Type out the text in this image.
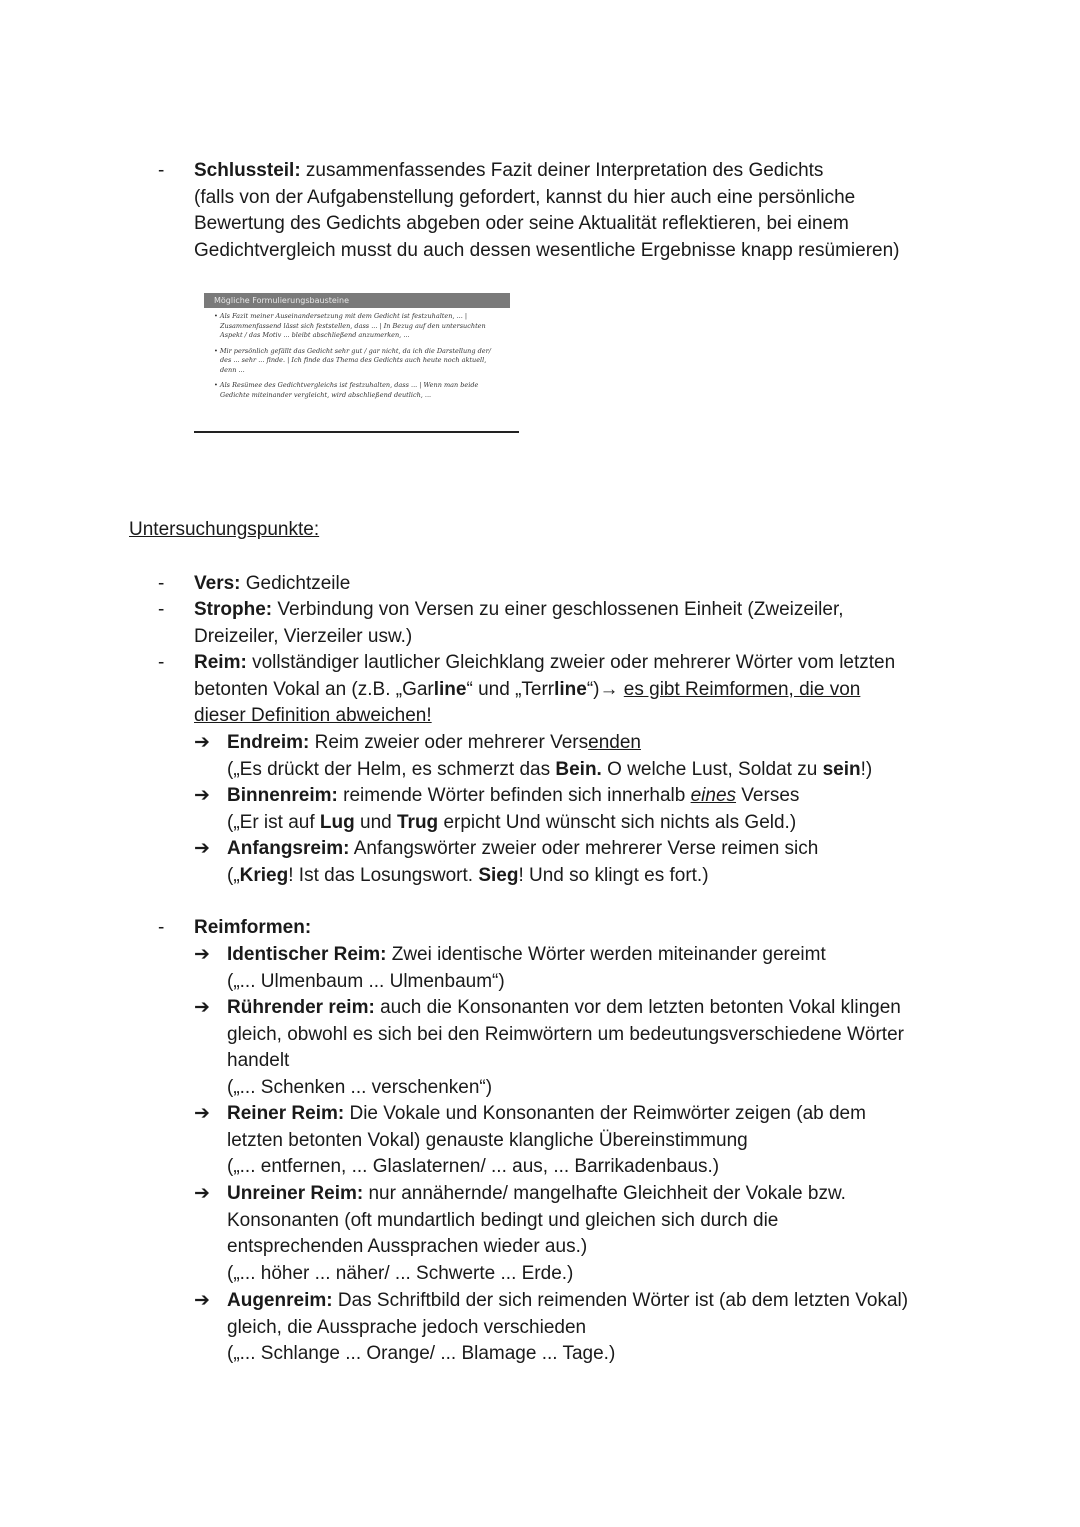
- Schlussteil: zusammenfassendes Fazit deiner Interpretation des Gedichts
(falls von der Aufgabenstellung gefordert, kannst du hier auch eine persönliche
Bewertung des Gedichts abgeben oder seine Aktualität reflektieren, bei einem
Gedichtvergleich musst du auch dessen wesentliche Ergebnisse knapp resümieren)
Mögliche Formulierungsbausteine

• Als Fazit meiner Auseinandersetzung mit dem Gedicht ist festzuhalten, ... | Zusammenfassend lässt sich feststellen, dass ... | In Bezug auf den untersuchten Aspekt / das Motiv ... bleibt abschließend anzumerken, ...

• Mir persönlich gefällt das Gedicht sehr gut / gar nicht, da ich die Darstellung der/ des ... sehr ... finde. | Ich finde das Thema des Gedichts auch heute noch aktuell, denn ...

• Als Resümee des Gedichtvergleichs ist festzuhalten, dass ... | Wenn man beide Gedichte miteinander vergleicht, wird abschließend deutlich, ...

Untersuchungspunkte:
- Vers: Gedichtzeile
- Strophe: Verbindung von Versen zu einer geschlossenen Einheit (Zweizeiler,
Dreizeiler, Vierzeiler usw.)
- Reim: vollständiger lautlicher Gleichklang zweier oder mehrerer Wörter vom letzten
betonten Vokal an (z.B. „Garline“ und „Terrline“)→ es gibt Reimformen, die von
dieser Definition abweichen!
➔ Endreim: Reim zweier oder mehrerer Versenden
(„Es drückt der Helm, es schmerzt das Bein. O welche Lust, Soldat zu sein!)
➔ Binnenreim: reimende Wörter befinden sich innerhalb eines Verses
(„Er ist auf Lug und Trug erpicht Und wünscht sich nichts als Geld.)
➔ Anfangsreim: Anfangswörter zweier oder mehrerer Verse reimen sich
(„Krieg! Ist das Losungswort. Sieg! Und so klingt es fort.)
- Reimformen:
➔ Identischer Reim: Zwei identische Wörter werden miteinander gereimt
(„... Ulmenbaum ... Ulmenbaum“)
➔ Rührender reim: auch die Konsonanten vor dem letzten betonten Vokal klingen
gleich, obwohl es sich bei den Reimwörtern um bedeutungsverschiedene Wörter
handelt
(„... Schenken ... verschenken“)
➔ Reiner Reim: Die Vokale und Konsonanten der Reimwörter zeigen (ab dem
letzten betonten Vokal) genauste klangliche Übereinstimmung
(„... entfernen, ... Glaslaternen/ ... aus, ... Barrikadenbaus.)
➔ Unreiner Reim: nur annähernde/ mangelhafte Gleichheit der Vokale bzw.
Konsonanten (oft mundartlich bedingt und gleichen sich durch die
entsprechenden Aussprachen wieder aus.)
(„... höher ... näher/ ... Schwerte ... Erde.)
➔ Augenreim: Das Schriftbild der sich reimenden Wörter ist (ab dem letzten Vokal)
gleich, die Aussprache jedoch verschieden
(„... Schlange ... Orange/ ... Blamage ... Tage.)
